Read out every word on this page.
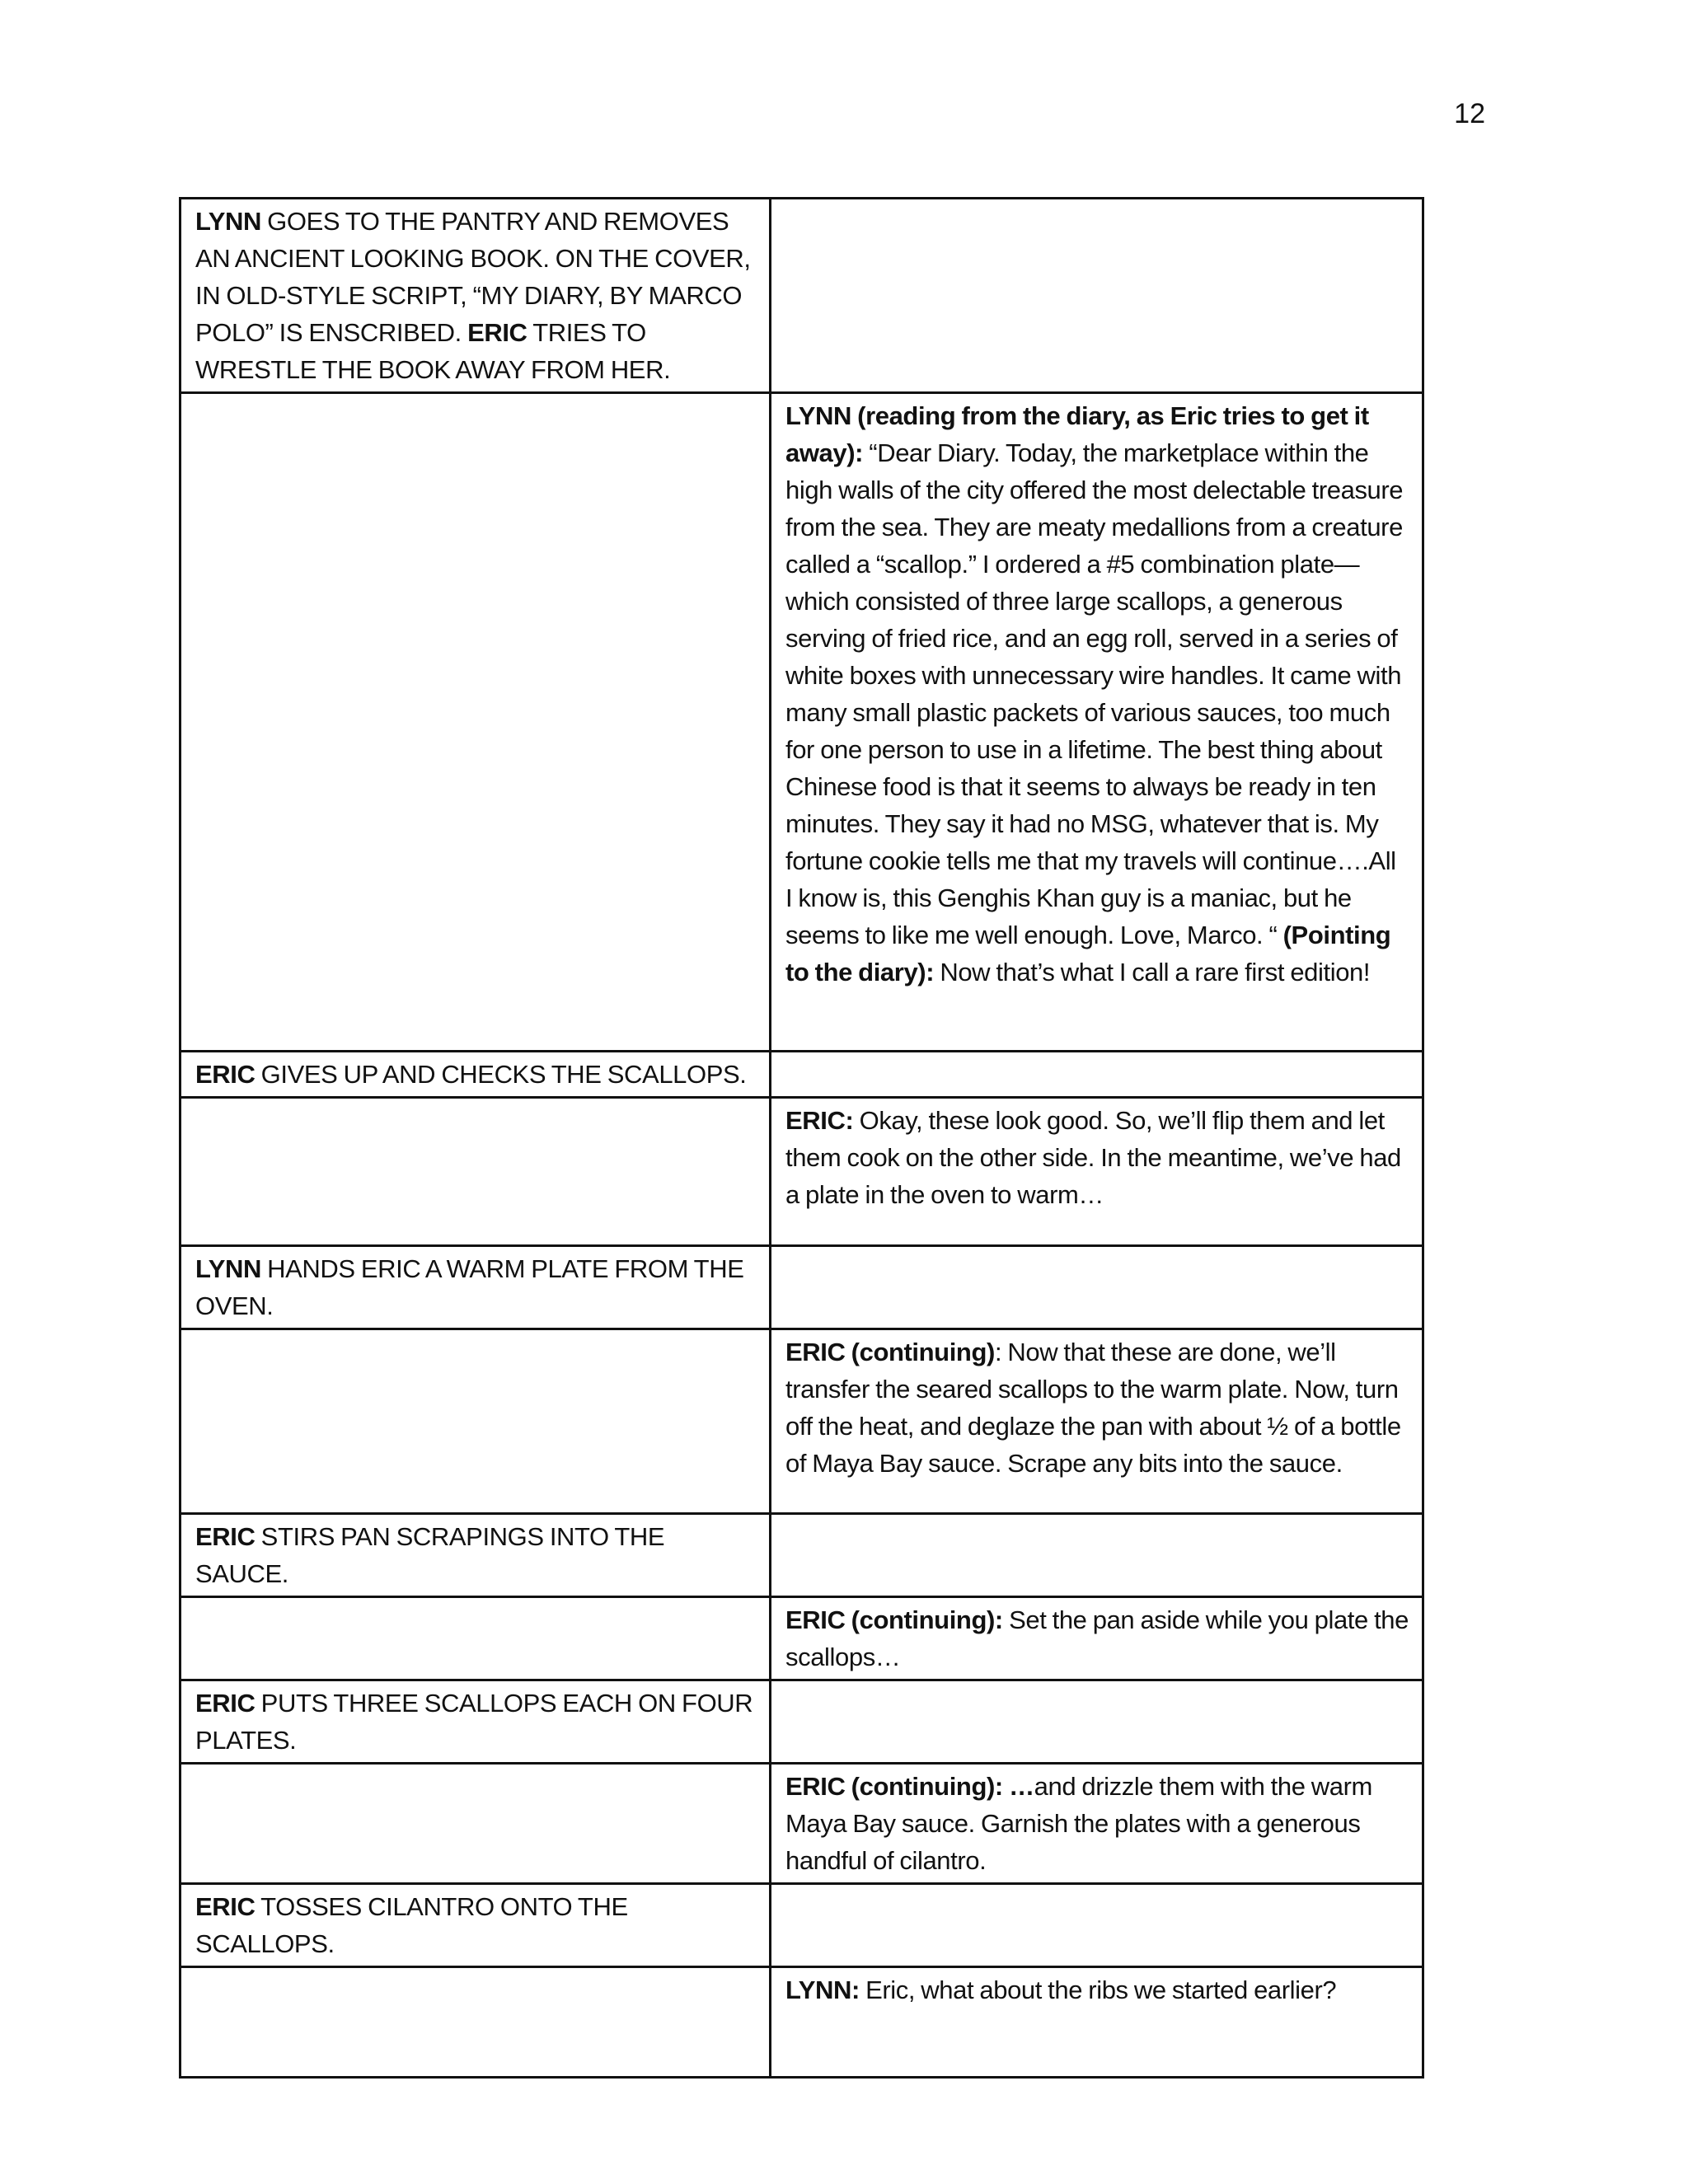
12
LYNN GOES TO THE PANTRY AND REMOVES AN ANCIENT LOOKING BOOK. ON THE COVER, IN OLD-STYLE SCRIPT, “MY DIARY, BY MARCO POLO” IS ENSCRIBED. ERIC TRIES TO WRESTLE THE BOOK AWAY FROM HER.	
	LYNN (reading from the diary, as Eric tries to get it away): “Dear Diary. Today, the marketplace within the high walls of the city offered the most delectable treasure from the sea. They are meaty medallions from a creature called a “scallop.” I ordered a #5 combination plate—which consisted of three large scallops, a generous serving of fried rice, and an egg roll, served in a series of white boxes with unnecessary wire handles. It came with many small plastic packets of various sauces, too much for one person to use in a lifetime. The best thing about Chinese food is that it seems to always be ready in ten minutes. They say it had no MSG, whatever that is. My fortune cookie tells me that my travels will continue….All I know is, this Genghis Khan guy is a maniac, but he seems to like me well enough. Love, Marco. “ (Pointing to the diary): Now that’s what I call a rare first edition!
ERIC GIVES UP AND CHECKS THE SCALLOPS.	
	ERIC: Okay, these look good. So, we’ll flip them and let them cook on the other side. In the meantime, we’ve had a plate in the oven to warm…
LYNN HANDS ERIC A WARM PLATE FROM THE OVEN.	
	ERIC (continuing): Now that these are done, we’ll transfer the seared scallops to the warm plate. Now, turn off the heat, and deglaze the pan with about ½ of a bottle of Maya Bay sauce. Scrape any bits into the sauce.
ERIC STIRS PAN SCRAPINGS INTO THE SAUCE.	
	ERIC (continuing): Set the pan aside while you plate the scallops…
ERIC PUTS THREE SCALLOPS EACH ON FOUR PLATES.	
	ERIC (continuing): …and drizzle them with the warm Maya Bay sauce. Garnish the plates with a generous handful of cilantro.
ERIC TOSSES CILANTRO ONTO THE SCALLOPS.	
	LYNN: Eric, what about the ribs we started earlier?
